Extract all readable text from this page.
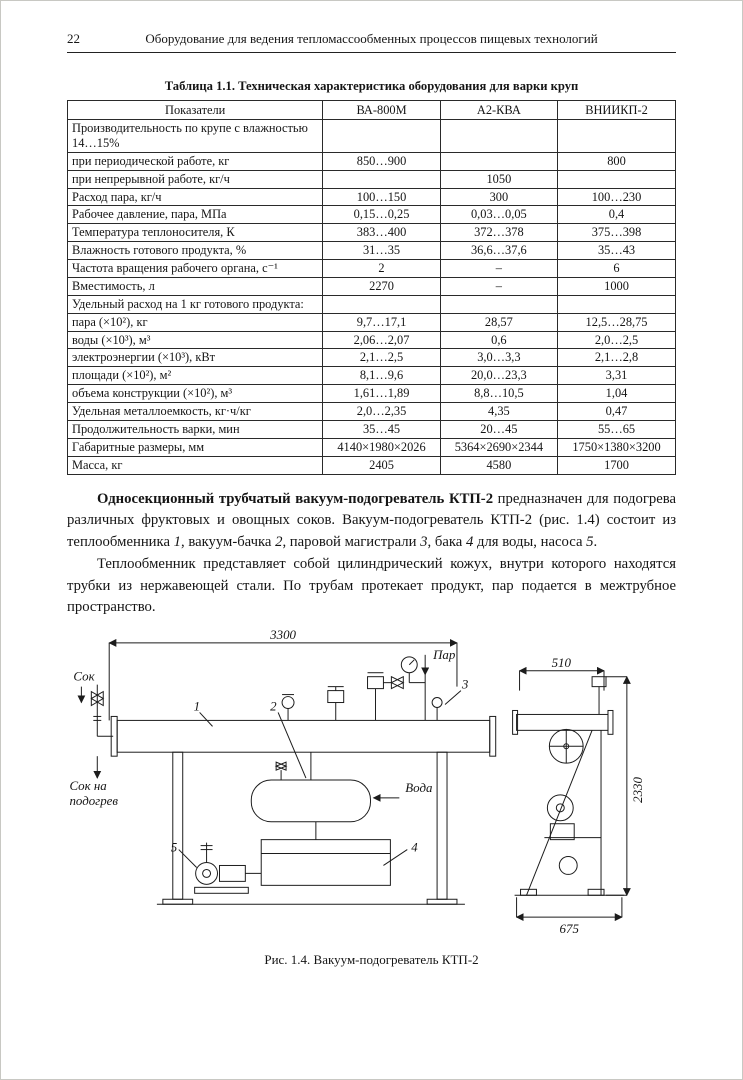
22	Оборудование для ведения тепломассообменных процессов пищевых технологий
Таблица 1.1. Техническая характеристика оборудования для варки круп
Показатели	ВА-800М	А2-КВА	ВНИИКП-2
Производительность по крупе с влажностью 14…15%			
при периодической работе, кг	850…900		800
при непрерывной работе, кг/ч		1050	
Расход пара, кг/ч	100…150	300	100…230
Рабочее давление, пара, МПа	0,15…0,25	0,03…0,05	0,4
Температура теплоносителя, К	383…400	372…378	375…398
Влажность готового продукта, %	31…35	36,6…37,6	35…43
Частота вращения рабочего органа, с⁻¹	2	–	6
Вместимость, л	2270	–	1000
Удельный расход на 1 кг готового продукта:			
пара (×10²), кг	9,7…17,1	28,57	12,5…28,75
воды (×10³), м³	2,06…2,07	0,6	2,0…2,5
электроэнергии (×10³), кВт	2,1…2,5	3,0…3,3	2,1…2,8
площади (×10²), м²	8,1…9,6	20,0…23,3	3,31
объема конструкции (×10²), м³	1,61…1,89	8,8…10,5	1,04
Удельная металлоемкость, кг·ч/кг	2,0…2,35	4,35	0,47
Продолжительность варки, мин	35…45	20…45	55…65
Габаритные размеры, мм	4140×1980×2026	5364×2690×2344	1750×1380×3200
Масса, кг	2405	4580	1700

Односекционный трубчатый вакуум-подогреватель КТП-2 предназначен для подогрева различных фруктовых и овощных соков. Вакуум-подогреватель КТП-2 (рис. 1.4) состоит из теплообменника 1, вакуум-бачка 2, паровой магистрали 3, бака 4 для воды, насоса 5.

Теплообменник представляет собой цилиндрический кожух, внутри которого находятся трубки из нержавеющей стали. По трубам протекает продукт, пар подается в межтрубное пространство.

3300
Пар
Сок
Сок на
подогрев
Вода
1	2
3
4
5
510
2330
675
Рис. 1.4. Вакуум-подогреватель КТП-2
